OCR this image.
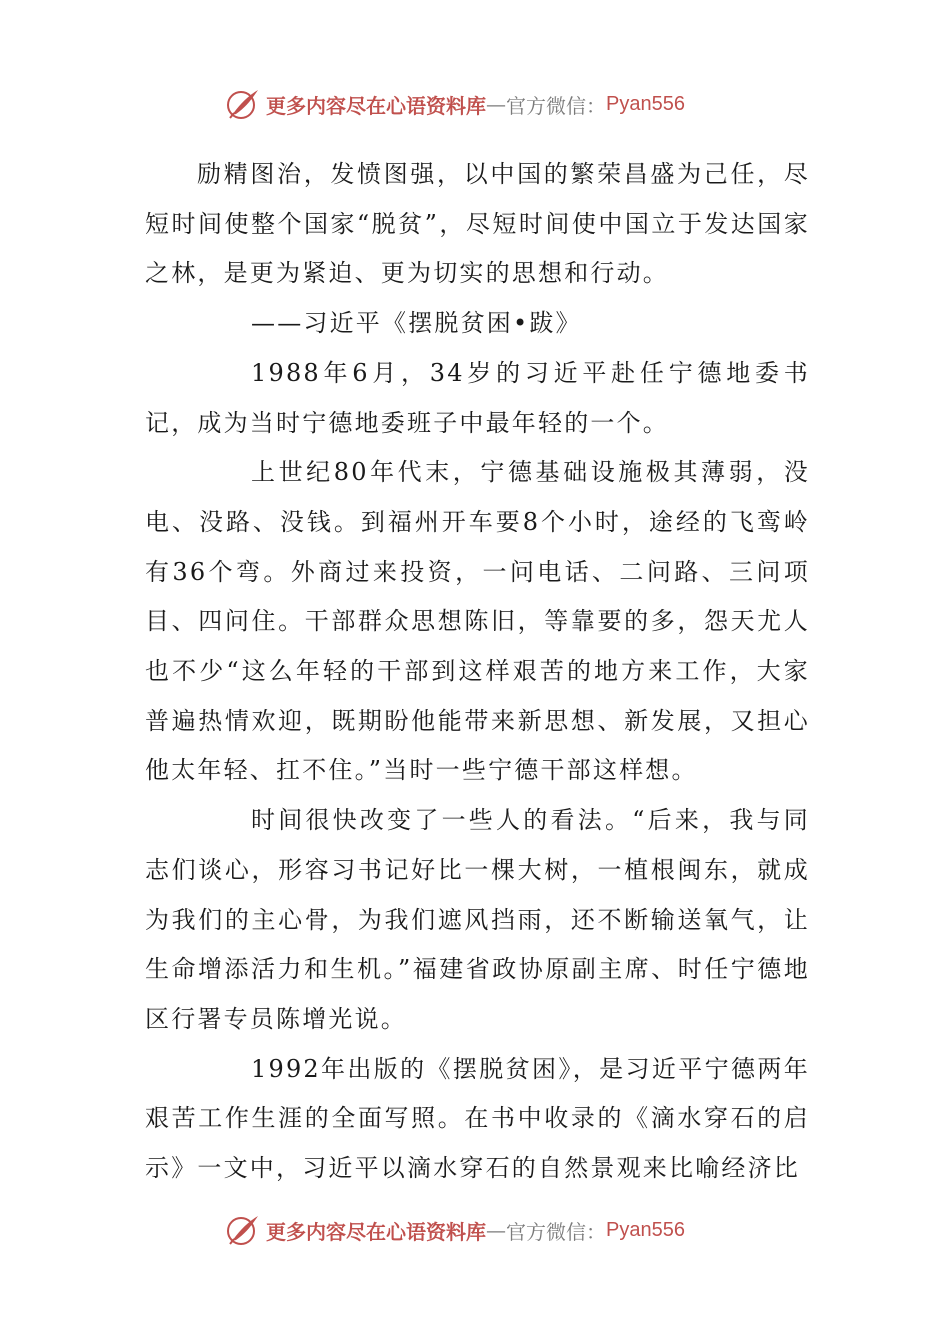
更多内容尽在心语资料库 — 官方微信： Pyan556

励精图治，发愤图强，以中国的繁荣昌盛为己任，尽短时间使整个国家“脱贫”，尽短时间使中国立于发达国家之林，是更为紧迫、更为切实的思想和行动。

——习近平《摆脱贫困•跋》

1988年6月，34岁的习近平赴任宁德地委书记，成为当时宁德地委班子中最年轻的一个。

上世纪80年代末，宁德基础设施极其薄弱，没电、没路、没钱。到福州开车要8个小时，途经的飞鸾岭有36个弯。外商过来投资，一问电话、二问路、三问项目、四问住。干部群众思想陈旧，等靠要的多，怨天尤人也不少“这么年轻的干部到这样艰苦的地方来工作，大家普遍热情欢迎，既期盼他能带来新思想、新发展，又担心他太年轻、扛不住。”当时一些宁德干部这样想。

时间很快改变了一些人的看法。“后来，我与同志们谈心，形容习书记好比一棵大树，一植根闽东，就成为我们的主心骨，为我们遮风挡雨，还不断输送氧气，让生命增添活力和生机。”福建省政协原副主席、时任宁德地区行署专员陈增光说。

1992年出版的《摆脱贫困》，是习近平宁德两年艰苦工作生涯的全面写照。在书中收录的《滴水穿石的启示》一文中，习近平以滴水穿石的自然景观来比喻经济比

更多内容尽在心语资料库 — 官方微信： Pyan556
